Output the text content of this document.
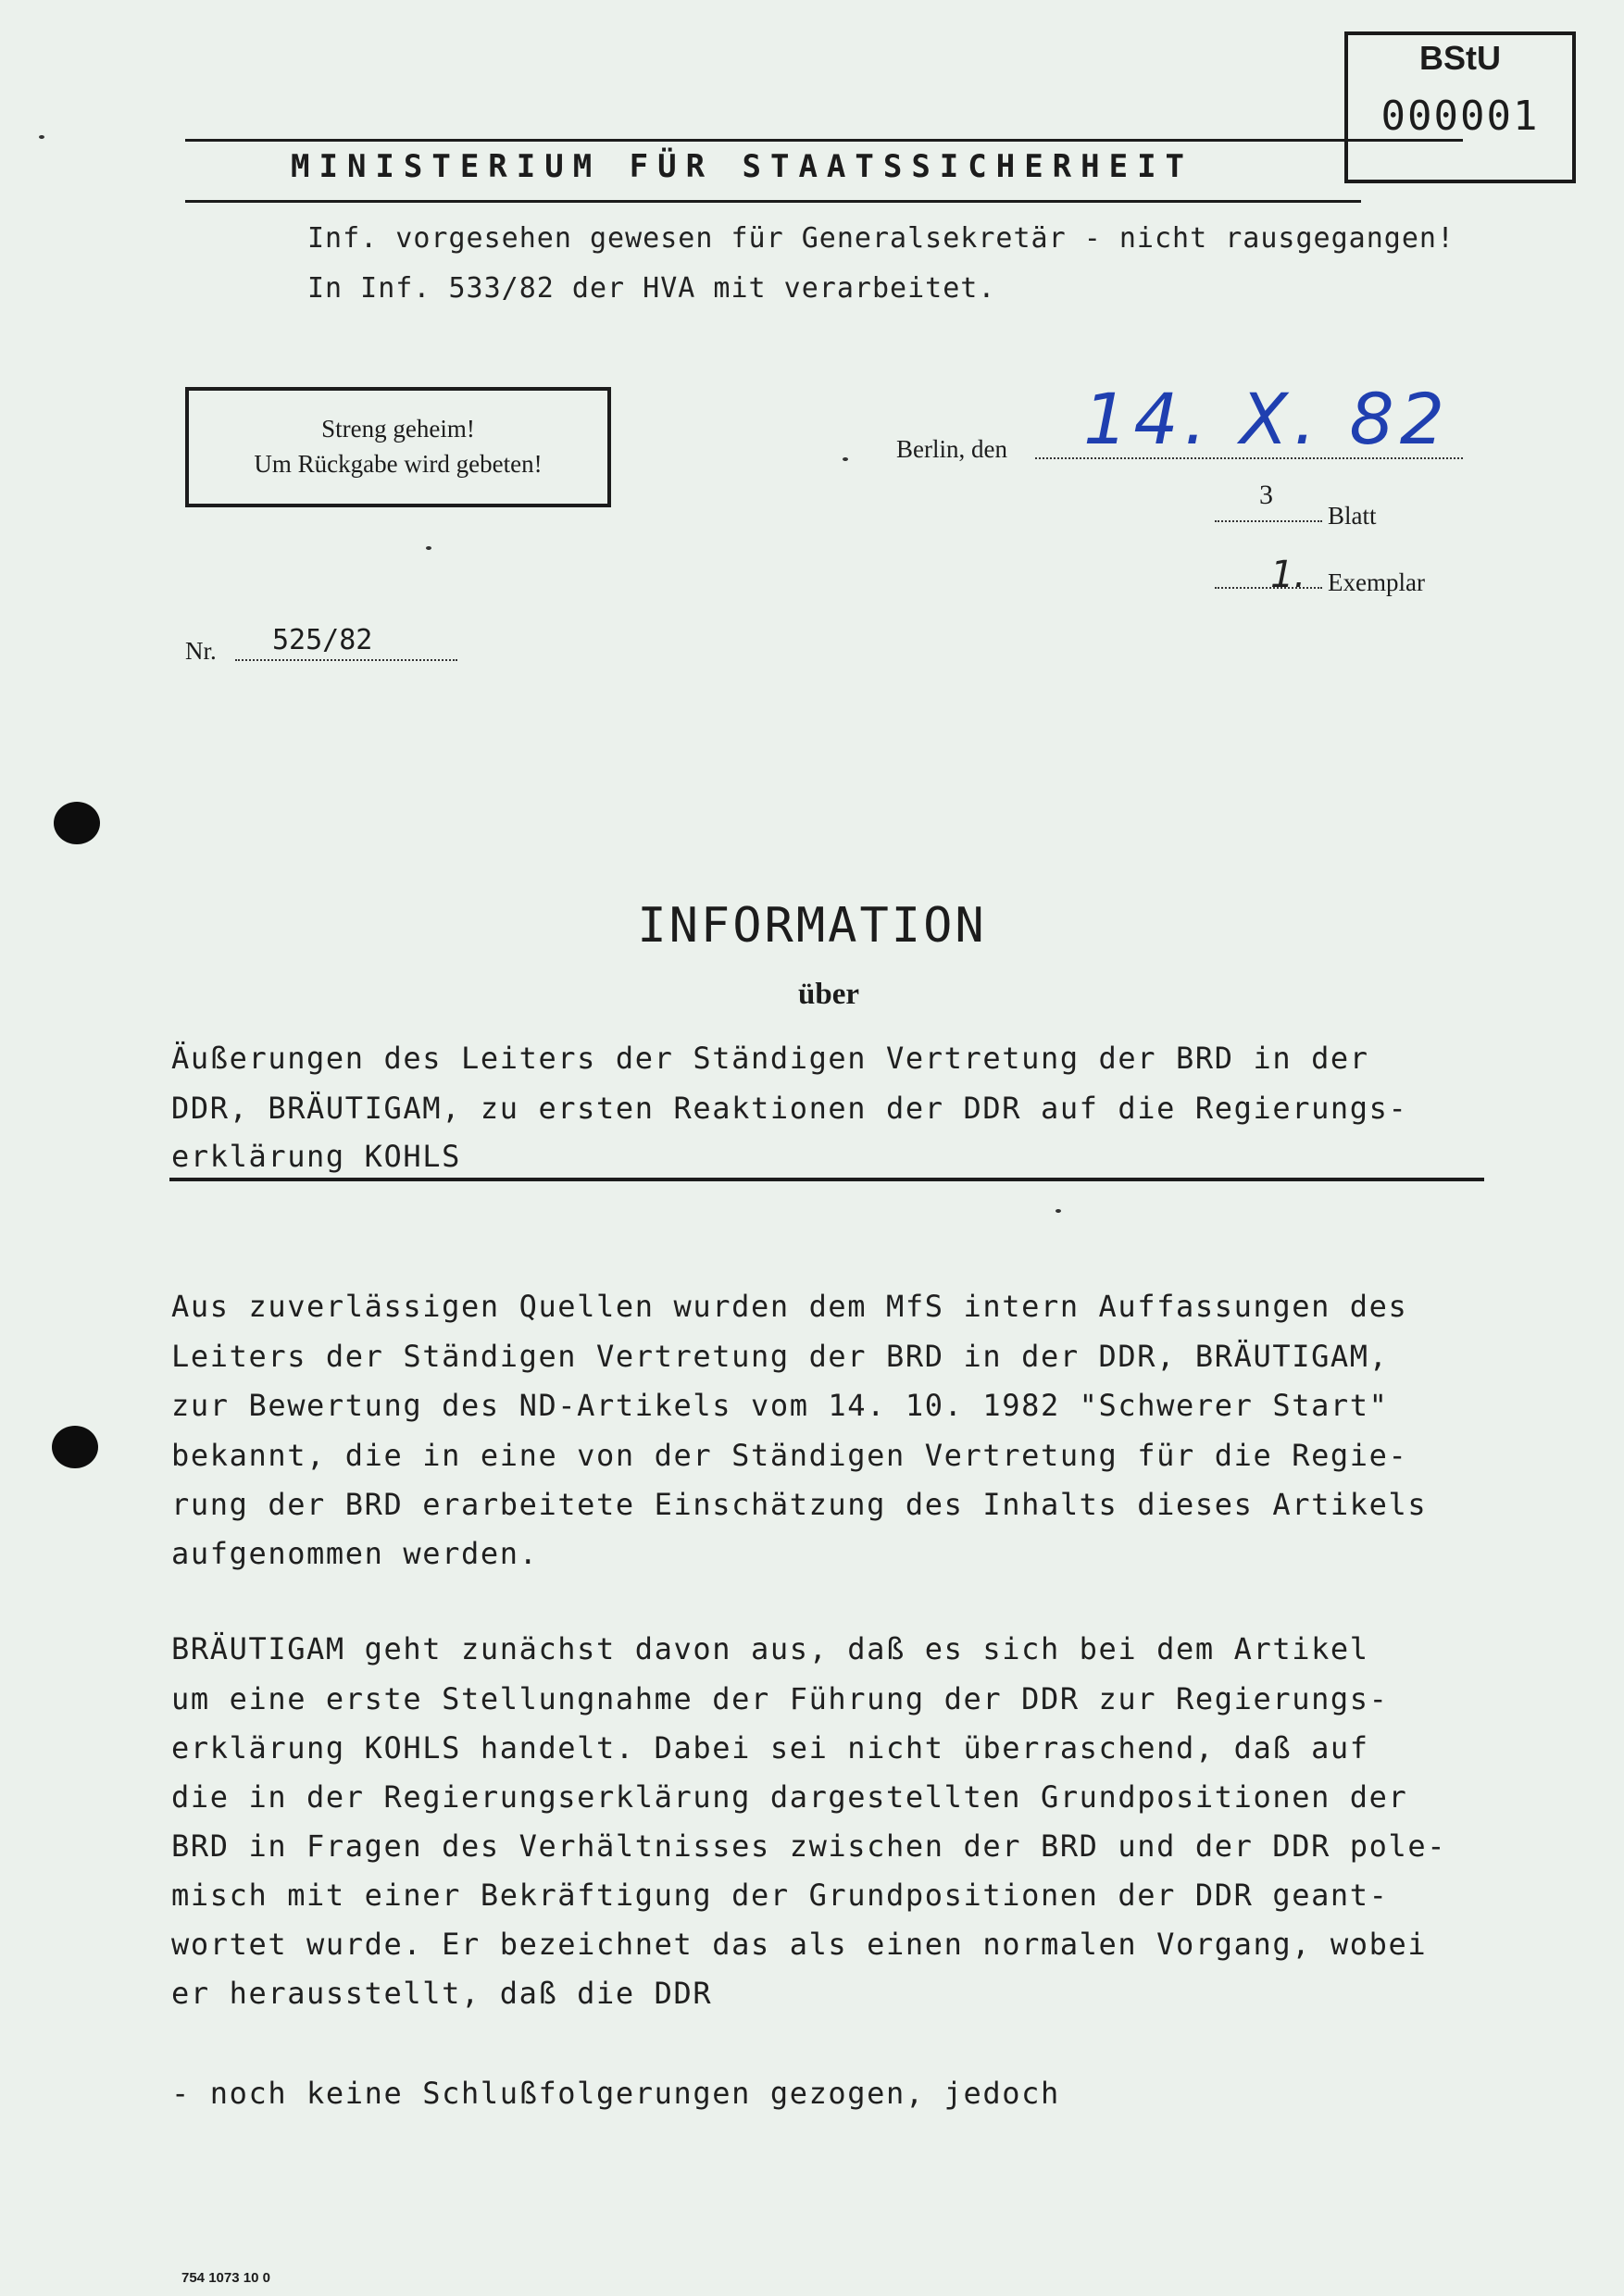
BStU
000001
MINISTERIUM FÜR STAATSSICHERHEIT
Inf. vorgesehen gewesen für Generalsekretär - nicht rausgegangen!
In Inf. 533/82 der HVA mit verarbeitet.
Streng geheim!
Um Rückgabe wird gebeten!
Berlin, den 14. X. 82
3
Blatt
1. Exemplar
Nr. 525/82
INFORMATION
über
Äußerungen des Leiters der Ständigen Vertretung der BRD in der
DDR, BRÄUTIGAM, zu ersten Reaktionen der DDR auf die Regierungs-
erklärung KOHLS
Aus zuverlässigen Quellen wurden dem MfS intern Auffassungen des
Leiters der Ständigen Vertretung der BRD in der DDR, BRÄUTIGAM,
zur Bewertung des ND-Artikels vom 14. 10. 1982 "Schwerer Start"
bekannt, die in eine von der Ständigen Vertretung für die Regie-
rung der BRD erarbeitete Einschätzung des Inhalts dieses Artikels
aufgenommen werden.
BRÄUTIGAM geht zunächst davon aus, daß es sich bei dem Artikel
um eine erste Stellungnahme der Führung der DDR zur Regierungs-
erklärung KOHLS handelt. Dabei sei nicht überraschend, daß auf
die in der Regierungserklärung dargestellten Grundpositionen der
BRD in Fragen des Verhältnisses zwischen der BRD und der DDR pole-
misch mit einer Bekräftigung der Grundpositionen der DDR geant-
wortet wurde. Er bezeichnet das als einen normalen Vorgang, wobei
er herausstellt, daß die DDR
- noch keine Schlußfolgerungen gezogen, jedoch
754 1073 10 0
